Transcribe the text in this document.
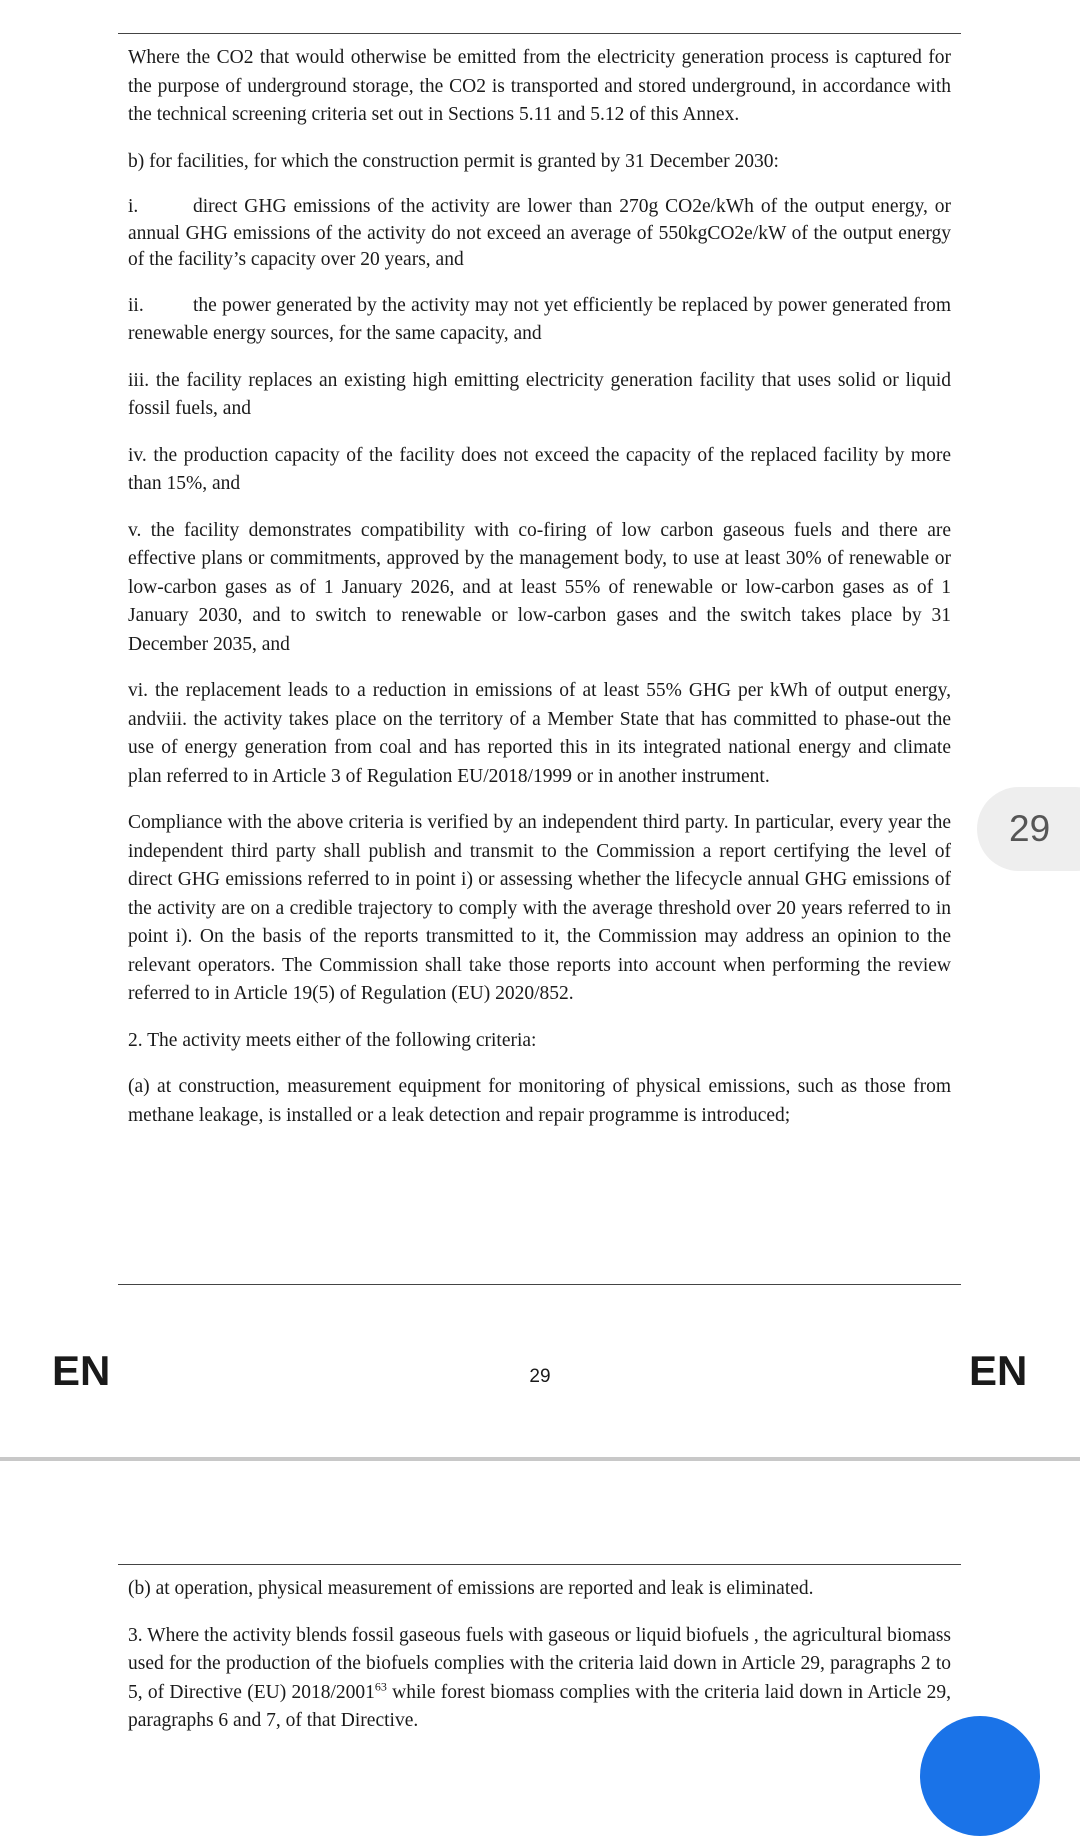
Where the CO2 that would otherwise be emitted from the electricity generation process is captured for the purpose of underground storage, the CO2 is transported and stored underground, in accordance with the technical screening criteria set out in Sections 5.11 and 5.12 of this Annex.

b) for facilities, for which the construction permit is granted by 31 December 2030:

i.	direct GHG emissions of the activity are lower than 270g CO2e/kWh of the output energy, or annual GHG emissions of the activity do not exceed an average of 550kgCO2e/kW of the output energy of the facility’s capacity over 20 years, and

ii.	the power generated by the activity may not yet efficiently be replaced by power generated from renewable energy sources, for the same capacity, and

iii. the facility replaces an existing high emitting electricity generation facility that uses solid or liquid fossil fuels, and

iv. the production capacity of the facility does not exceed the capacity of the replaced facility by more than 15%, and

v. the facility demonstrates compatibility with co-firing of low carbon gaseous fuels and there are effective plans or commitments, approved by the management body, to use at least 30% of renewable or low-carbon gases as of 1 January 2026, and at least 55% of renewable or low-carbon gases as of 1 January 2030, and to switch to renewable or low-carbon gases and the switch takes place by 31 December 2035, and

vi. the replacement leads to a reduction in emissions of at least 55% GHG per kWh of output energy, andviii. the activity takes place on the territory of a Member State that has committed to phase-out the use of energy generation from coal and has reported this in its integrated national energy and climate plan referred to in Article 3 of Regulation EU/2018/1999 or in another instrument.

Compliance with the above criteria is verified by an independent third party. In particular, every year the independent third party shall publish and transmit to the Commission a report certifying the level of direct GHG emissions referred to in point i) or assessing whether the lifecycle annual GHG emissions of the activity are on a credible trajectory to comply with the average threshold over 20 years referred to in point i). On the basis of the reports transmitted to it, the Commission may address an opinion to the relevant operators. The Commission shall take those reports into account when performing the review referred to in Article 19(5) of Regulation (EU) 2020/852.

2. The activity meets either of the following criteria:

(a) at construction, measurement equipment for monitoring of physical emissions, such as those from methane leakage, is installed or a leak detection and repair programme is introduced;

EN	29	EN

(b) at operation, physical measurement of emissions are reported and leak is eliminated.

3. Where the activity blends fossil gaseous fuels with gaseous or liquid biofuels , the agricultural biomass used for the production of the biofuels complies with the criteria laid down in Article 29, paragraphs 2 to 5, of Directive (EU) 2018/2001$^{63}$ while forest biomass complies with the criteria laid down in Article 29, paragraphs 6 and 7, of that Directive.

29
